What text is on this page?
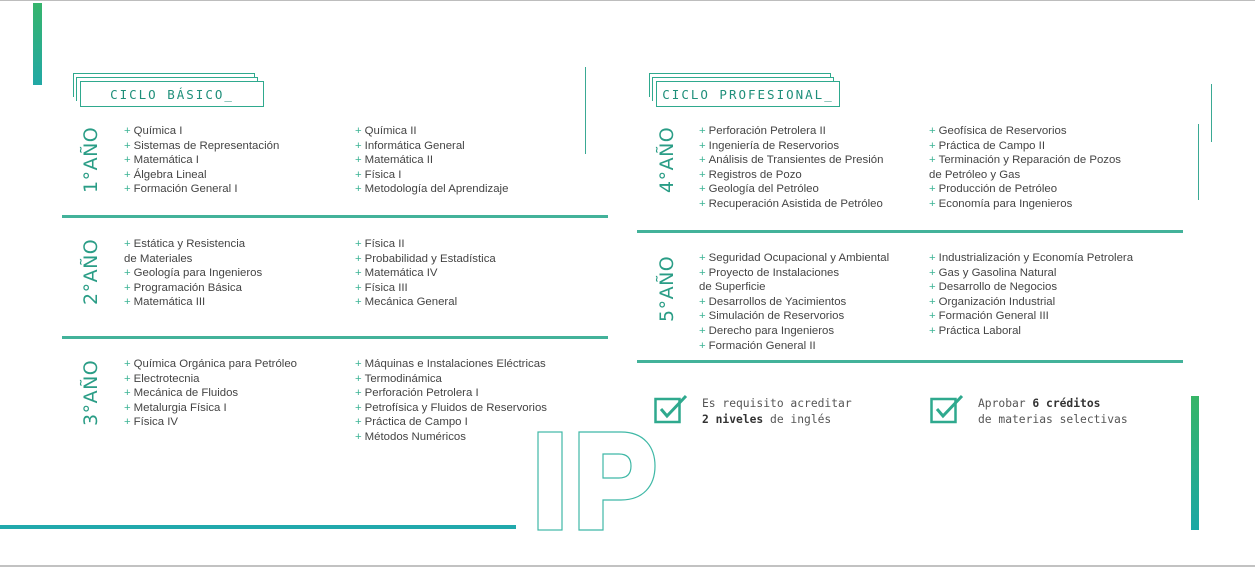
CICLO BÁSICO_
1°AÑO + Química I
+ Sistemas de Representación
+ Matemática I
+ Álgebra Lineal
+ Formación General I
+ Química II
+ Informática General
+ Matemática II
+ Física I
+ Metodología del Aprendizaje
2°AÑO + Estática y Resistencia
de Materiales
+ Geología para Ingenieros
+ Programación Básica
+ Matemática III
+ Física II
+ Probabilidad y Estadística
+ Matemática IV
+ Física III
+ Mecánica General
3°AÑO + Química Orgánica para Petróleo
+ Electrotecnia
+ Mecánica de Fluidos
+ Metalurgia Física I
+ Física IV
+ Máquinas e Instalaciones Eléctricas
+ Termodinámica
+ Perforación Petrolera I
+ Petrofísica y Fluidos de Reservorios
+ Práctica de Campo I
+ Métodos Numéricos
CICLO PROFESIONAL_
4°AÑO + Perforación Petrolera II
+ Ingeniería de Reservorios
+ Análisis de Transientes de Presión
+ Registros de Pozo
+ Geología del Petróleo
+ Recuperación Asistida de Petróleo
+ Geofísica de Reservorios
+ Práctica de Campo II
+ Terminación y Reparación de Pozos
de Petróleo y Gas
+ Producción de Petróleo
+ Economía para Ingenieros
5°AÑO + Seguridad Ocupacional y Ambiental
+ Proyecto de Instalaciones
de Superficie
+ Desarrollos de Yacimientos
+ Simulación de Reservorios
+ Derecho para Ingenieros
+ Formación General II
+ Industrialización y Economía Petrolera
+ Gas y Gasolina Natural
+ Desarrollo de Negocios
+ Organización Industrial
+ Formación General III
+ Práctica Laboral
Es requisito acreditar
2 niveles de inglés
Aprobar 6 créditos
de materias selectivas
